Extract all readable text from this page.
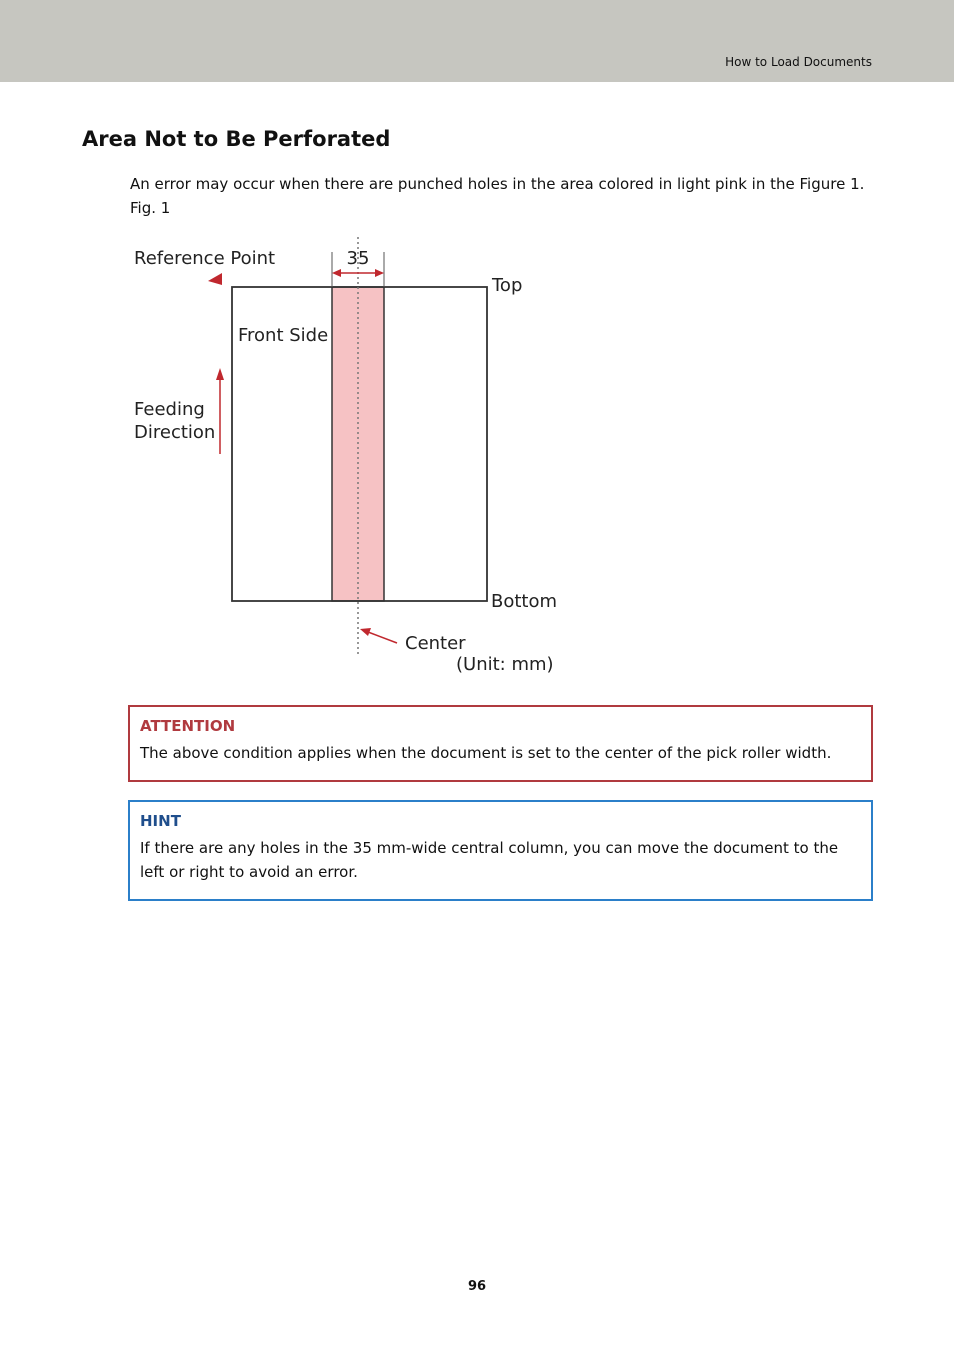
How to Load Documents
Area Not to Be Perforated
An error may occur when there are punched holes in the area colored in light pink in the Figure 1.
Fig. 1
Reference Point	35
Top
Front Side
Feeding
Direction
Bottom
Center
(Unit: mm)
ATTENTION
The above condition applies when the document is set to the center of the pick roller width.
HINT
If there are any holes in the 35 mm-wide central column, you can move the document to the left or right to avoid an error.
96
